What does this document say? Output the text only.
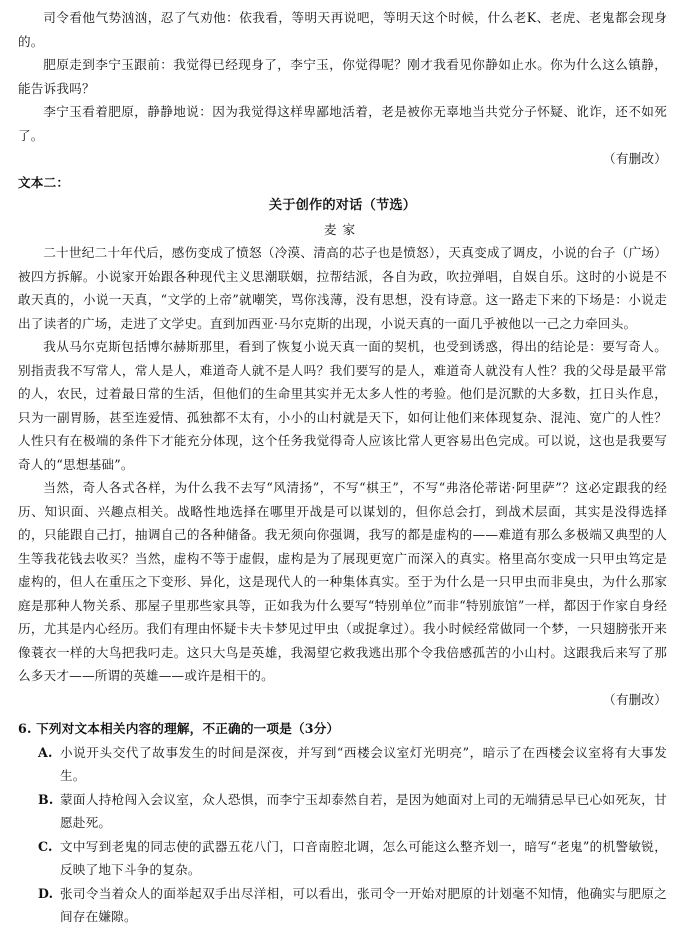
司令看他气势汹汹，忍了气劝他：依我看，等明天再说吧，等明天这个时候，什么老K、老虎、老鬼都会现身的。

肥原走到李宁玉跟前：我觉得已经现身了，李宁玉，你觉得呢？刚才我看见你静如止水。你为什么这么镇静，能告诉我吗？

李宁玉看着肥原，静静地说：因为我觉得这样卑鄙地活着，老是被你无辜地当共党分子怀疑、讹诈，还不如死了。

（有删改）

文本二：

关于创作的对话（节选）

麦家

二十世纪二十年代后，感伤变成了愤怒（冷漠、清高的芯子也是愤怒），天真变成了调皮，小说的台子（广场）被四方拆解。小说家开始跟各种现代主义思潮联姻，拉帮结派，各自为政，吹拉弹唱，自娱自乐。这时的小说是不敢天真的，小说一天真，“文学的上帝”就嘲笑，骂你浅薄，没有思想，没有诗意。这一路走下来的下场是：小说走出了读者的广场，走进了文学史。直到加西亚·马尔克斯的出现，小说天真的一面几乎被他以一己之力牵回头。

我从马尔克斯包括博尔赫斯那里，看到了恢复小说天真一面的契机，也受到诱惑，得出的结论是：要写奇人。别指责我不写常人，常人是人，难道奇人就不是人吗？我们要写的是人，难道奇人就没有人性？我的父母是最平常的人，农民，过着最日常的生活，但他们的生命里其实并无太多人性的考验。他们是沉默的大多数，扛日头作息，只为一副胃肠，甚至连爱情、孤独都不太有，小小的山村就是天下，如何让他们来体现复杂、混沌、宽广的人性？人性只有在极端的条件下才能充分体现，这个任务我觉得奇人应该比常人更容易出色完成。可以说，这也是我要写奇人的“思想基础”。

当然，奇人各式各样，为什么我不去写“风清扬”，不写“棋王”，不写“弗洛伦蒂诺·阿里萨”？这必定跟我的经历、知识面、兴趣点相关。战略性地选择在哪里开战是可以谋划的，但你总会打，到战术层面，其实是没得选择的，只能跟自己打，抽调自己的各种储备。我无须向你强调，我写的都是虚构的——难道有那么多极端又典型的人生等我花钱去收买？当然，虚构不等于虚假，虚构是为了展现更宽广而深入的真实。格里高尔变成一只甲虫笃定是虚构的，但人在重压之下变形、异化，这是现代人的一种集体真实。至于为什么是一只甲虫而非臭虫，为什么那家庭是那种人物关系、那屋子里那些家具等，正如我为什么要写“特别单位”而非“特别旅馆”一样，都因于作家自身经历，尤其是内心经历。我们有理由怀疑卡夫卡梦见过甲虫（或捉拿过）。我小时候经常做同一个梦，一只翅膀张开来像蓑衣一样的大鸟把我叼走。这只大鸟是英雄，我渴望它救我逃出那个令我倍感孤苦的小山村。这跟我后来写了那么多天才——所谓的英雄——或许是相干的。

（有删改）

6. 下列对文本相关内容的理解，不正确的一项是（3分）

A. 小说开头交代了故事发生的时间是深夜，并写到“西楼会议室灯光明亮”，暗示了在西楼会议室将有大事发生。
B. 蒙面人持枪闯入会议室，众人恐惧，而李宁玉却泰然自若，是因为她面对上司的无端猜忌早已心如死灰，甘愿赴死。
C. 文中写到老鬼的同志使的武器五花八门，口音南腔北调，怎么可能这么整齐划一，暗写“老鬼”的机警敏锐，反映了地下斗争的复杂。
D. 张司令当着众人的面举起双手出尽洋相，可以看出，张司令一开始对肥原的计划毫不知情，他确实与肥原之间存在嫌隙。
